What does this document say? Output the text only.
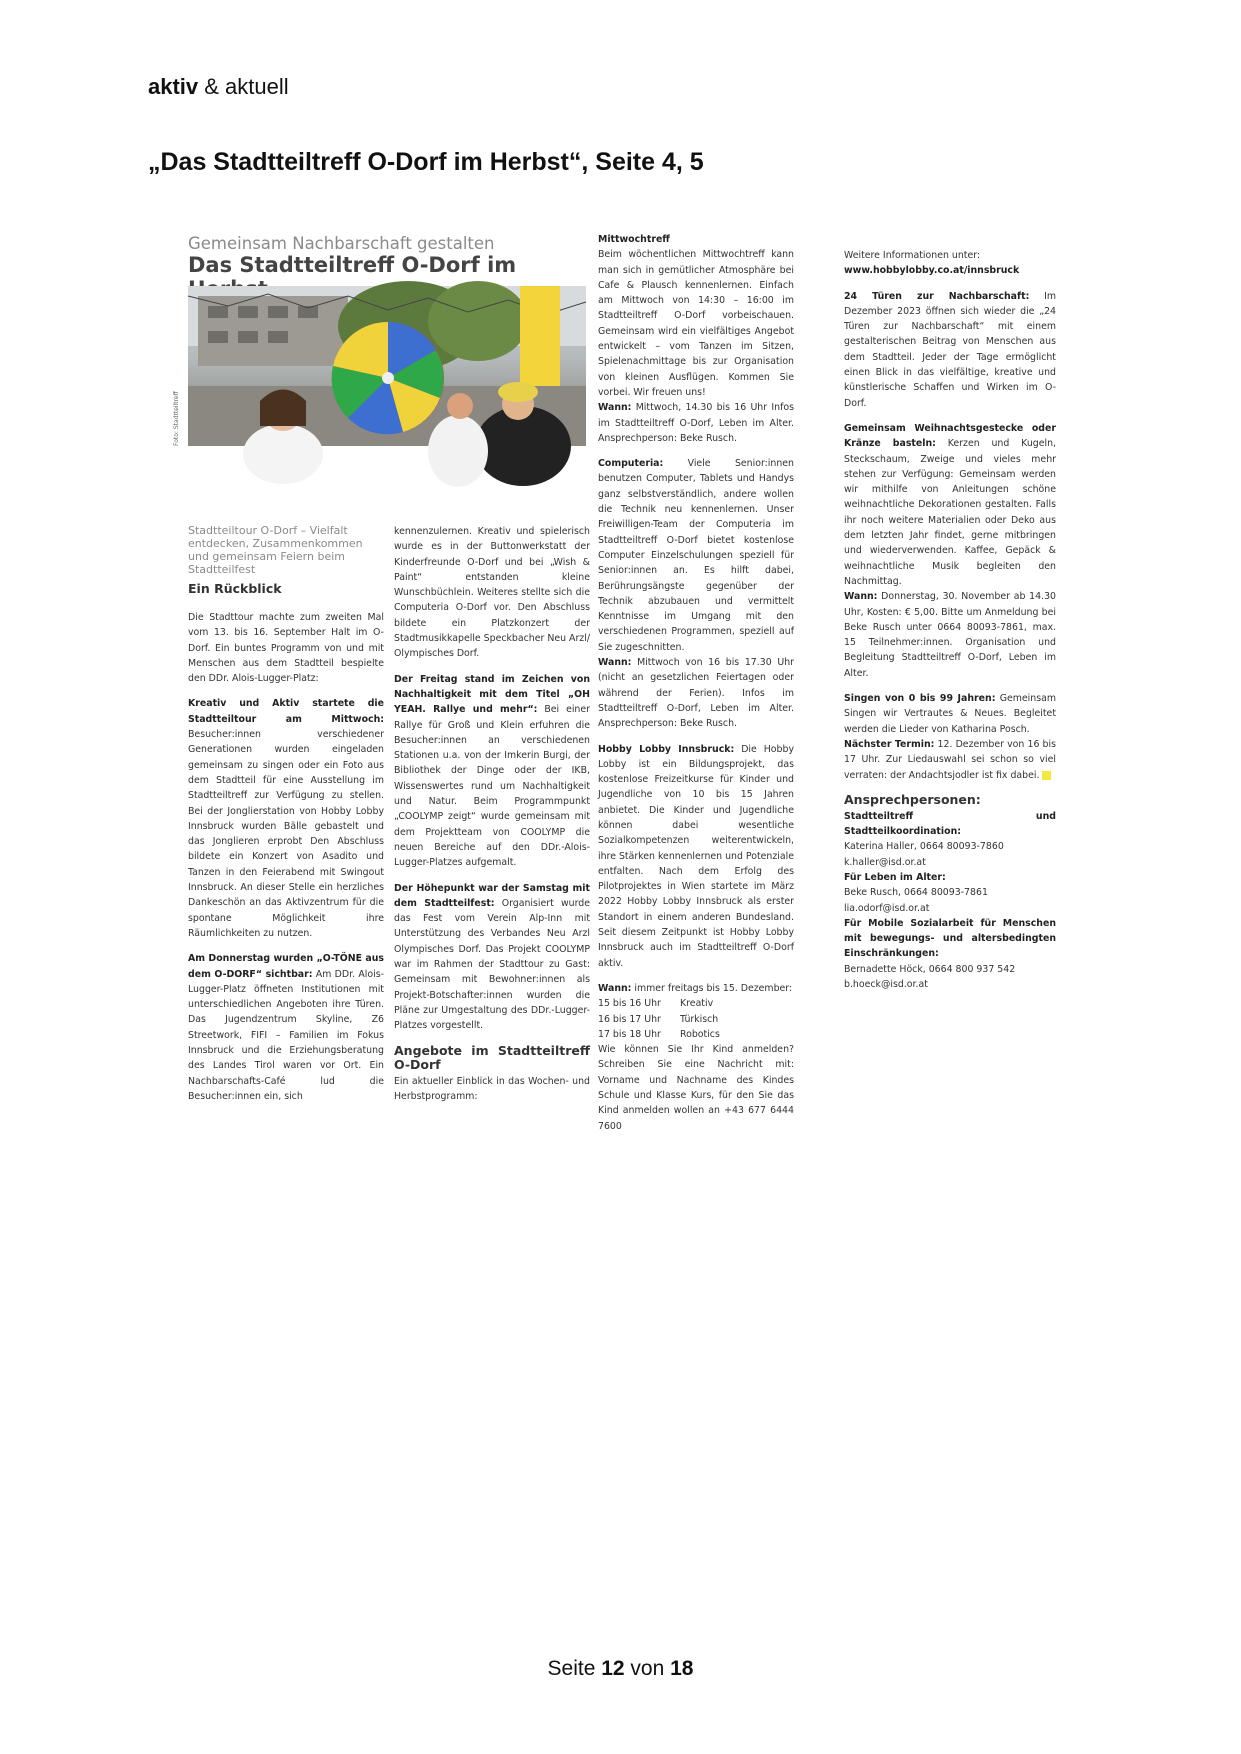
aktiv & aktuell
„Das Stadtteiltreff O-Dorf im Herbst“, Seite 4, 5
Gemeinsam Nachbarschaft gestalten
Das Stadtteiltreff O-Dorf im
Foto: Stadtteiltreff
Stadtteiltour O-Dorf – Vielfalt entdecken, Zusammenkommen und gemeinsam Feiern beim Stadtteilfest
Ein Rückblick

Die Stadttour machte zum zweiten Mal vom 13. bis 16. September Halt im O-Dorf. Ein buntes Programm von und mit Menschen aus dem Stadtteil bespielte den DDr. Alois-Lugger-Platz:

Kreativ und Aktiv startete die Stadtteiltour am Mittwoch: Besucher:innen verschiedener Generationen wurden eingeladen gemeinsam zu singen oder ein Foto aus dem Stadtteil für eine Ausstellung im Stadtteiltreff zur Verfügung zu stellen. Bei der Jonglierstation von Hobby Lobby Innsbruck wurden Bälle gebastelt und das Jonglieren erprobt Den Abschluss bildete ein Konzert von Asadito und Tanzen in den Feierabend mit Swingout Innsbruck. An dieser Stelle ein herzliches Dankeschön an das Aktivzentrum für die spontane Möglichkeit ihre Räumlichkeiten zu nutzen.

Am Donnerstag wurden „O-TÖNE aus dem O-DORF“ sichtbar: Am DDr. Alois-Lugger-Platz öffneten Institutionen mit unterschiedlichen Angeboten ihre Türen. Das Jugendzentrum Skyline, Z6 Streetwork, FIFI – Familien im Fokus Innsbruck und die Erziehungsberatung des Landes Tirol waren vor Ort. Ein Nachbarschafts-Café lud die Besucher:innen ein, sich

kennenzulernen. Kreativ und spielerisch wurde es in der Buttonwerkstatt der Kinderfreunde O-Dorf und bei „Wish & Paint“ entstanden kleine Wunschbüchlein. Weiteres stellte sich die Computeria O-Dorf vor. Den Abschluss bildete ein Platzkonzert der Stadtmusikkapelle Speckbacher Neu Arzl/ Olympisches Dorf.

Der Freitag stand im Zeichen von Nachhaltigkeit mit dem Titel „OH YEAH. Rallye und mehr“: Bei einer Rallye für Groß und Klein erfuhren die Besucher:innen an verschiedenen Stationen u.a. von der Imkerin Burgi, der Bibliothek der Dinge oder der IKB, Wissenswertes rund um Nachhaltigkeit und Natur. Beim Programmpunkt „COOLYMP zeigt“ wurde gemeinsam mit dem Projektteam von COOLYMP die neuen Bereiche auf den DDr.-Alois-Lugger-Platzes aufgemalt.

Der Höhepunkt war der Samstag mit dem Stadtteilfest: Organisiert wurde das Fest vom Verein Alp-Inn mit Unterstützung des Verbandes Neu Arzl Olympisches Dorf. Das Projekt COOLYMP war im Rahmen der Stadttour zu Gast: Gemeinsam mit Bewohner:innen als Projekt-Botschafter:innen wurden die Pläne zur Umgestaltung des DDr.-Lugger-Platzes vorgestellt.

Angebote im Stadtteiltreff O-Dorf

Ein aktueller Einblick in das Wochen- und Herbstprogramm:

Mittwochtreff
Beim wöchentlichen Mittwochtreff kann man sich in gemütlicher Atmosphäre bei Cafe & Plausch kennenlernen. Einfach am Mittwoch von 14:30 – 16:00 im Stadtteiltreff O-Dorf vorbeischauen. Gemeinsam wird ein vielfältiges Angebot entwickelt – vom Tanzen im Sitzen, Spielenachmittage bis zur Organisation von kleinen Ausflügen. Kommen Sie vorbei. Wir freuen uns!
Wann: Mittwoch, 14.30 bis 16 Uhr Infos im Stadtteiltreff O-Dorf, Leben im Alter. Ansprechperson: Beke Rusch.

Computeria: Viele Senior:innen benutzen Computer, Tablets und Handys ganz selbstverständlich, andere wollen die Technik neu kennenlernen. Unser Freiwilligen-Team der Computeria im Stadtteiltreff O-Dorf bietet kostenlose Computer Einzelschulungen speziell für Senior:innen an. Es hilft dabei, Berührungsängste gegenüber der Technik abzubauen und vermittelt Kenntnisse im Umgang mit den verschiedenen Programmen, speziell auf Sie zugeschnitten.
Wann: Mittwoch von 16 bis 17.30 Uhr (nicht an gesetzlichen Feiertagen oder während der Ferien). Infos im Stadtteiltreff O-Dorf, Leben im Alter. Ansprechperson: Beke Rusch.

Hobby Lobby Innsbruck: Die Hobby Lobby ist ein Bildungsprojekt, das kostenlose Freizeitkurse für Kinder und Jugendliche von 10 bis 15 Jahren anbietet. Die Kinder und Jugendliche können dabei wesentliche Sozialkompetenzen weiterentwickeln, ihre Stärken kennenlernen und Potenziale entfalten. Nach dem Erfolg des Pilotprojektes in Wien startete im März 2022 Hobby Lobby Innsbruck als erster Standort in einem anderen Bundesland. Seit diesem Zeitpunkt ist Hobby Lobby Innsbruck auch im Stadtteiltreff O-Dorf aktiv.

Wann: immer freitags bis 15. Dezember:
15 bis 16 Uhr	Kreativ
16 bis 17 Uhr	Türkisch
17 bis 18 Uhr	Robotics
Wie können Sie Ihr Kind anmelden? Schreiben Sie eine Nachricht mit: Vorname und Nachname des Kindes Schule und Klasse Kurs, für den Sie das Kind anmelden wollen an +43 677 6444 7600

Weitere Informationen unter:
www.hobbylobby.co.at/innsbruck

24 Türen zur Nachbarschaft: Im Dezember 2023 öffnen sich wieder die „24 Türen zur Nachbarschaft“ mit einem gestalterischen Beitrag von Menschen aus dem Stadtteil. Jeder der Tage ermöglicht einen Blick in das vielfältige, kreative und künstlerische Schaffen und Wirken im O-Dorf.

Gemeinsam Weihnachtsgestecke oder Kränze basteln: Kerzen und Kugeln, Steckschaum, Zweige und vieles mehr stehen zur Verfügung: Gemeinsam werden wir mithilfe von Anleitungen schöne weihnachtliche Dekorationen gestalten. Falls ihr noch weitere Materialien oder Deko aus dem letzten Jahr findet, gerne mitbringen und wiederverwenden. Kaffee, Gepäck & weihnachtliche Musik begleiten den Nachmittag.
Wann: Donnerstag, 30. November ab 14.30 Uhr, Kosten: € 5,00. Bitte um Anmeldung bei Beke Rusch unter 0664 80093-7861, max. 15 Teilnehmer:innen. Organisation und Begleitung Stadtteiltreff O-Dorf, Leben im Alter.

Singen von 0 bis 99 Jahren: Gemeinsam Singen wir Vertrautes & Neues. Begleitet werden die Lieder von Katharina Posch.
Nächster Termin: 12. Dezember von 16 bis 17 Uhr. Zur Liedauswahl sei schon so viel verraten: der Andachtsjodler ist fix dabei.

Ansprechpersonen:
Stadtteiltreff und Stadtteilkoordination:
Katerina Haller, 0664 80093-7860
k.haller@isd.or.at
Für Leben im Alter:
Beke Rusch, 0664 80093-7861
lia.odorf@isd.or.at
Für Mobile Sozialarbeit für Menschen mit bewegungs- und altersbedingten Einschränkungen:
Bernadette Höck, 0664 800 937 542
b.hoeck@isd.or.at
Seite 12 von 18
